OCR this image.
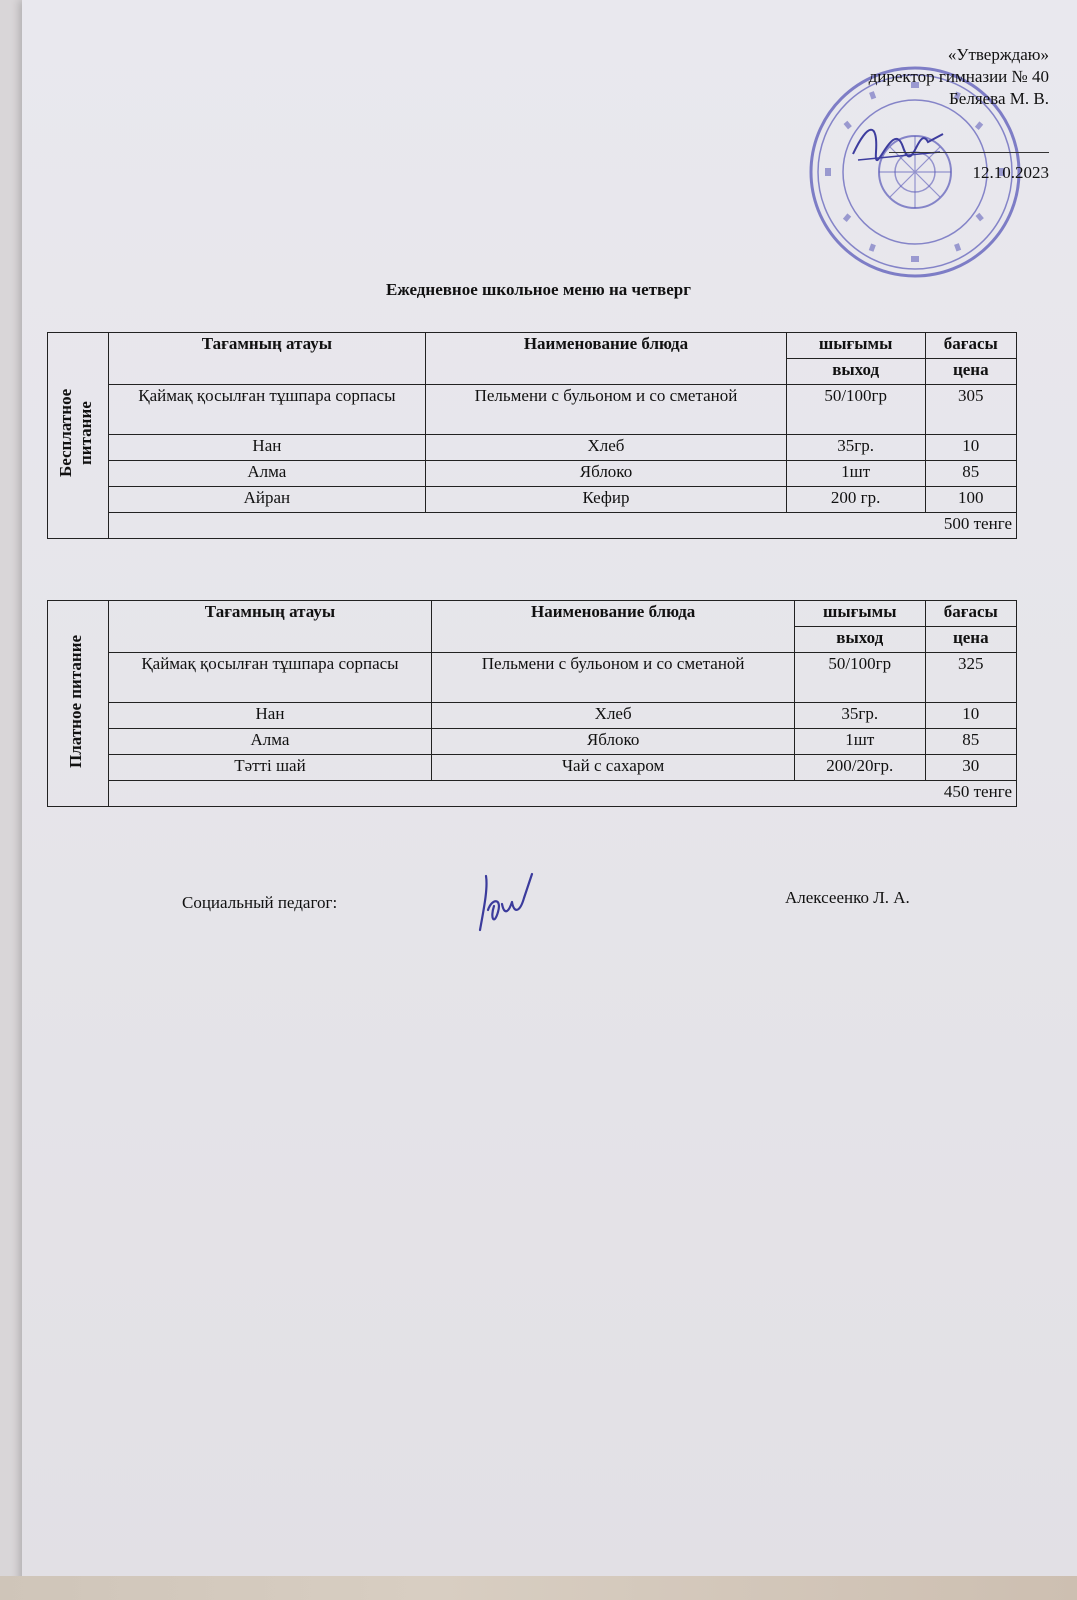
«Утверждаю»
директор гимназии № 40
Беляева М. В.
12.10.2023
Ежедневное школьное меню на четверг
Бесплатное питание	Тағамның атауы	Наименование блюда	шығымы	бағасы
			выход	цена
	Қаймақ қосылған тұшпара сорпасы	Пельмени с бульоном и со сметаной	50/100гр	305
	Нан	Хлеб	35гр.	10
	Алма	Яблоко	1шт	85
	Айран	Кефир	200 гр.	100
	500 тенге			
Платное питание	Тағамның атауы	Наименование блюда	шығымы	бағасы
			выход	цена
	Қаймақ қосылған тұшпара сорпасы	Пельмени с бульоном и со сметаной	50/100гр	325
	Нан	Хлеб	35гр.	10
	Алма	Яблоко	1шт	85
	Тәтті шай	Чай с сахаром	200/20гр.	30
	450 тенге			
Социальный педагог:	Алексеенко Л. А.
